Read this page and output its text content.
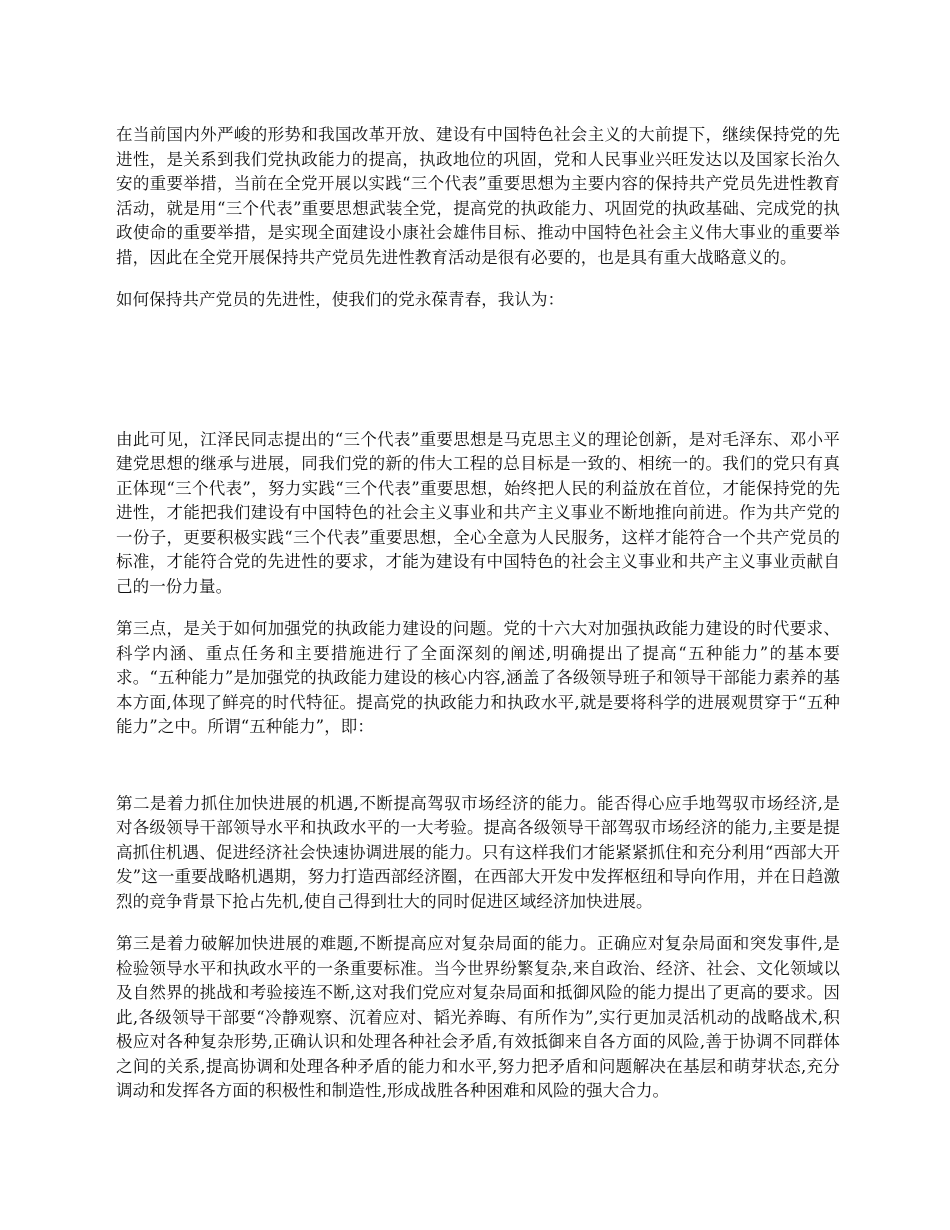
在当前国内外严峻的形势和我国改革开放、建设有中国特色社会主义的大前提下，继续保持党的先进性，是关系到我们党执政能力的提高，执政地位的巩固，党和人民事业兴旺发达以及国家长治久安的重要举措，当前在全党开展以实践“三个代表”重要思想为主要内容的保持共产党员先进性教育活动，就是用“三个代表”重要思想武装全党，提高党的执政能力、巩固党的执政基础、完成党的执政使命的重要举措，是实现全面建设小康社会雄伟目标、推动中国特色社会主义伟大事业的重要举措，因此在全党开展保持共产党员先进性教育活动是很有必要的，也是具有重大战略意义的。

如何保持共产党员的先进性，使我们的党永葆青春，我认为：

由此可见，江泽民同志提出的“三个代表”重要思想是马克思主义的理论创新，是对毛泽东、邓小平建党思想的继承与进展，同我们党的新的伟大工程的总目标是一致的、相统一的。我们的党只有真正体现“三个代表”，努力实践“三个代表”重要思想，始终把人民的利益放在首位，才能保持党的先进性，才能把我们建设有中国特色的社会主义事业和共产主义事业不断地推向前进。作为共产党的一份子，更要积极实践“三个代表”重要思想，全心全意为人民服务，这样才能符合一个共产党员的标准，才能符合党的先进性的要求，才能为建设有中国特色的社会主义事业和共产主义事业贡献自己的一份力量。

第三点，是关于如何加强党的执政能力建设的问题。党的十六大对加强执政能力建设的时代要求、科学内涵、重点任务和主要措施进行了全面深刻的阐述,明确提出了提高“五种能力”的基本要求。“五种能力”是加强党的执政能力建设的核心内容,涵盖了各级领导班子和领导干部能力素养的基本方面,体现了鲜亮的时代特征。提高党的执政能力和执政水平,就是要将科学的进展观贯穿于“五种能力”之中。所谓“五种能力”，即：

第二是着力抓住加快进展的机遇,不断提高驾驭市场经济的能力。能否得心应手地驾驭市场经济,是对各级领导干部领导水平和执政水平的一大考验。提高各级领导干部驾驭市场经济的能力,主要是提高抓住机遇、促进经济社会快速协调进展的能力。只有这样我们才能紧紧抓住和充分利用“西部大开发”这一重要战略机遇期，努力打造西部经济圈，在西部大开发中发挥枢纽和导向作用，并在日趋激烈的竞争背景下抢占先机,使自己得到壮大的同时促进区域经济加快进展。

第三是着力破解加快进展的难题,不断提高应对复杂局面的能力。正确应对复杂局面和突发事件,是检验领导水平和执政水平的一条重要标准。当今世界纷繁复杂,来自政治、经济、社会、文化领域以及自然界的挑战和考验接连不断,这对我们党应对复杂局面和抵御风险的能力提出了更高的要求。因此,各级领导干部要“冷静观察、沉着应对、韬光养晦、有所作为”,实行更加灵活机动的战略战术,积极应对各种复杂形势,正确认识和处理各种社会矛盾,有效抵御来自各方面的风险,善于协调不同群体之间的关系,提高协调和处理各种矛盾的能力和水平,努力把矛盾和问题解决在基层和萌芽状态,充分调动和发挥各方面的积极性和制造性,形成战胜各种困难和风险的强大合力。
